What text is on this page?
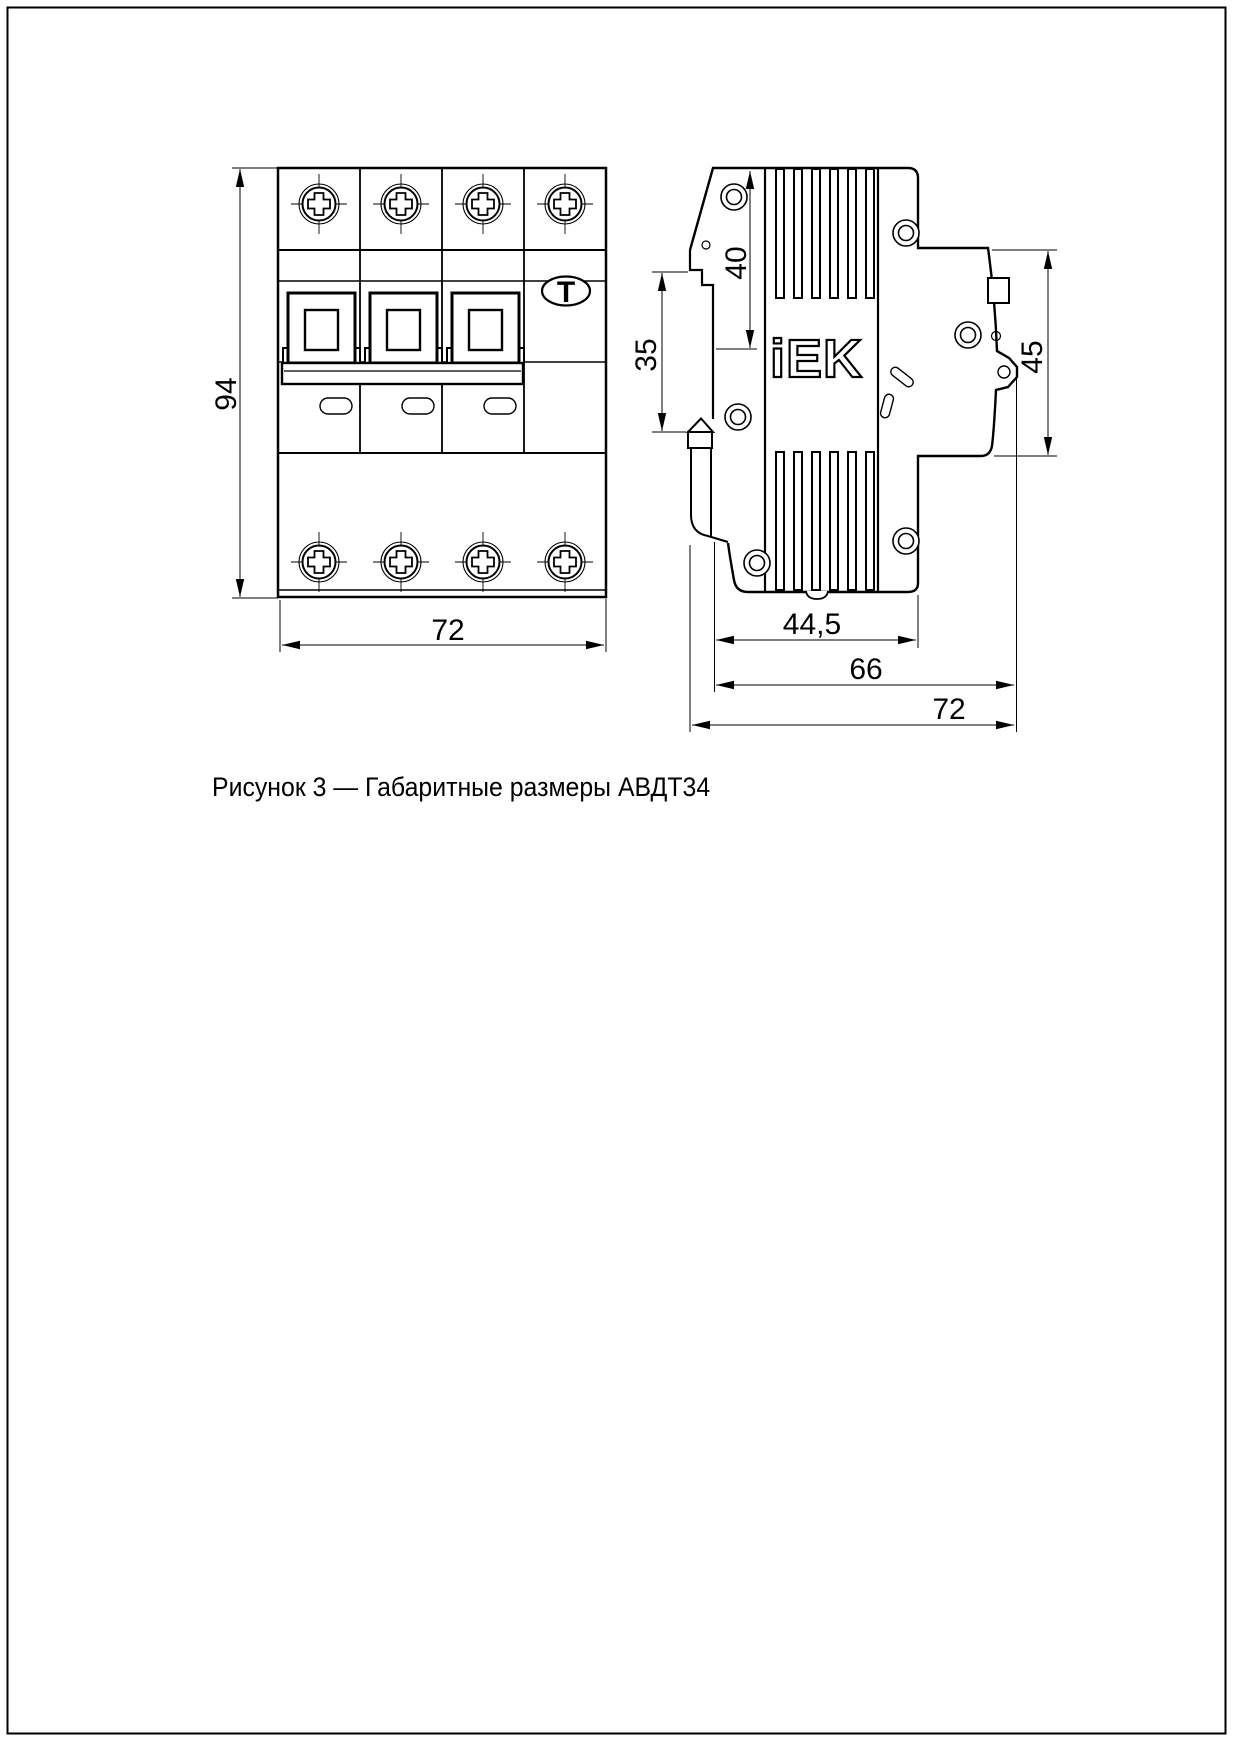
Т
94
72
iEK
40
35	45
44,5
66
72
Рисунок 3 — Габаритные размеры АВДТ34
